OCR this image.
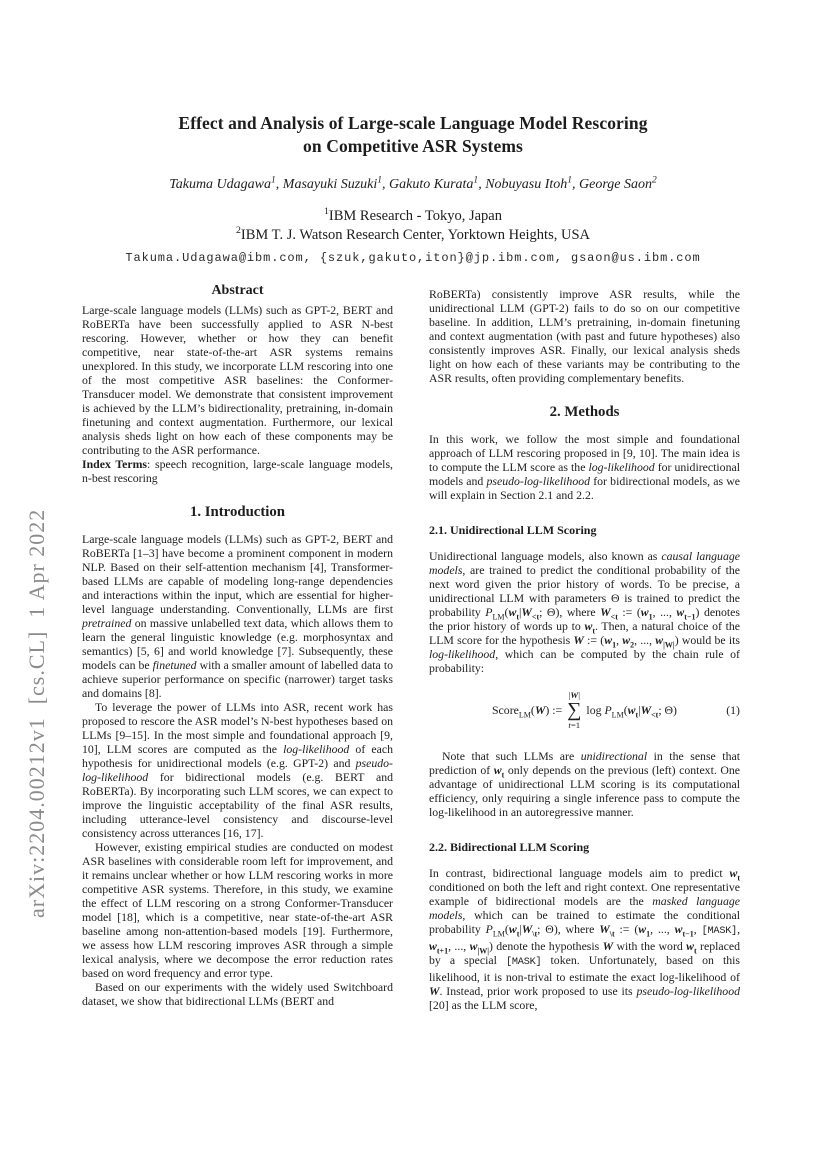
arXiv:2204.00212v1  [cs.CL]  1 Apr 2022
Effect and Analysis of Large-scale Language Model Rescoring
on Competitive ASR Systems
Takuma Udagawa$^1$, Masayuki Suzuki$^1$, Gakuto Kurata$^1$, Nobuyasu Itoh$^1$, George Saon$^2$
$^1$IBM Research - Tokyo, Japan
$^2$IBM T. J. Watson Research Center, Yorktown Heights, USA
Takuma.Udagawa@ibm.com, {szuk,gakuto,iton}@jp.ibm.com, gsaon@us.ibm.com
Abstract

Large-scale language models (LLMs) such as GPT-2, BERT and RoBERTa have been successfully applied to ASR N-best rescoring. However, whether or how they can benefit competitive, near state-of-the-art ASR systems remains unexplored. In this study, we incorporate LLM rescoring into one of the most competitive ASR baselines: the Conformer-Transducer model. We demonstrate that consistent improvement is achieved by the LLM’s bidirectionality, pretraining, in-domain finetuning and context augmentation. Furthermore, our lexical analysis sheds light on how each of these components may be contributing to the ASR performance.

Index Terms: speech recognition, large-scale language models, n-best rescoring

1. Introduction

Large-scale language models (LLMs) such as GPT-2, BERT and RoBERTa [1–3] have become a prominent component in modern NLP. Based on their self-attention mechanism [4], Transformer-based LLMs are capable of modeling long-range dependencies and interactions within the input, which are essential for higher-level language understanding. Conventionally, LLMs are first pretrained on massive unlabelled text data, which allows them to learn the general linguistic knowledge (e.g. morphosyntax and semantics) [5, 6] and world knowledge [7]. Subsequently, these models can be finetuned with a smaller amount of labelled data to achieve superior performance on specific (narrower) target tasks and domains [8].

To leverage the power of LLMs into ASR, recent work has proposed to rescore the ASR model’s N-best hypotheses based on LLMs [9–15]. In the most simple and foundational approach [9, 10], LLM scores are computed as the log-likelihood of each hypothesis for unidirectional models (e.g. GPT-2) and pseudo-log-likelihood for bidirectional models (e.g. BERT and RoBERTa). By incorporating such LLM scores, we can expect to improve the linguistic acceptability of the final ASR results, including utterance-level consistency and discourse-level consistency across utterances [16, 17].

However, existing empirical studies are conducted on modest ASR baselines with considerable room left for improvement, and it remains unclear whether or how LLM rescoring works in more competitive ASR systems. Therefore, in this study, we examine the effect of LLM rescoring on a strong Conformer-Transducer model [18], which is a competitive, near state-of-the-art ASR baseline among non-attention-based models [19]. Furthermore, we assess how LLM rescoring improves ASR through a simple lexical analysis, where we decompose the error reduction rates based on word frequency and error type.

Based on our experiments with the widely used Switchboard dataset, we show that bidirectional LLMs (BERT and

RoBERTa) consistently improve ASR results, while the unidirectional LLM (GPT-2) fails to do so on our competitive baseline. In addition, LLM’s pretraining, in-domain finetuning and context augmentation (with past and future hypotheses) also consistently improves ASR. Finally, our lexical analysis sheds light on how each of these variants may be contributing to the ASR results, often providing complementary benefits.

2. Methods

In this work, we follow the most simple and foundational approach of LLM rescoring proposed in [9, 10]. The main idea is to compute the LLM score as the log-likelihood for unidirectional models and pseudo-log-likelihood for bidirectional models, as we will explain in Section 2.1 and 2.2.

2.1. Unidirectional LLM Scoring

Unidirectional language models, also known as causal language models, are trained to predict the conditional probability of the next word given the prior history of words. To be precise, a unidirectional LLM with parameters Θ is trained to predict the probability $P_{LM}(w_t|W_{<t}$; Θ), where $W_{<t}$ := ($w_1$, ..., $w_{t-1}$) denotes the prior history of words up to $w_t$. Then, a natural choice of the LLM score for the hypothesis W := ($w_1$, $w_2$, ..., $w_{|W|}$) would be its log-likelihood, which can be computed by the chain rule of probability:

Score$_{LM}$(W) :=
|W|
∑
t=1
$\log P_{LM}(w_t|W_{<t}$; Θ)	(1)

Note that such LLMs are unidirectional in the sense that prediction of $w_t$ only depends on the previous (left) context. One advantage of unidirectional LLM scoring is its computational efficiency, only requiring a single inference pass to compute the log-likelihood in an autoregressive manner.

2.2. Bidirectional LLM Scoring

In contrast, bidirectional language models aim to predict $w_t$ conditioned on both the left and right context. One representative example of bidirectional models are the masked language models, which can be trained to estimate the conditional probability $P_{LM}(w_t|W_{\backslash t}$; Θ), where $W_{\backslash t}$ := ($w_1$, ..., $w_{t-1}$, [MASK], $w_{t+1}$, ..., $w_{|W|}$) denote the hypothesis W with the word $w_t$ replaced by a special [MASK] token. Unfortunately, based on this likelihood, it is non-trival to estimate the exact log-likelihood of W. Instead, prior work proposed to use its pseudo-log-likelihood [20] as the LLM score,
